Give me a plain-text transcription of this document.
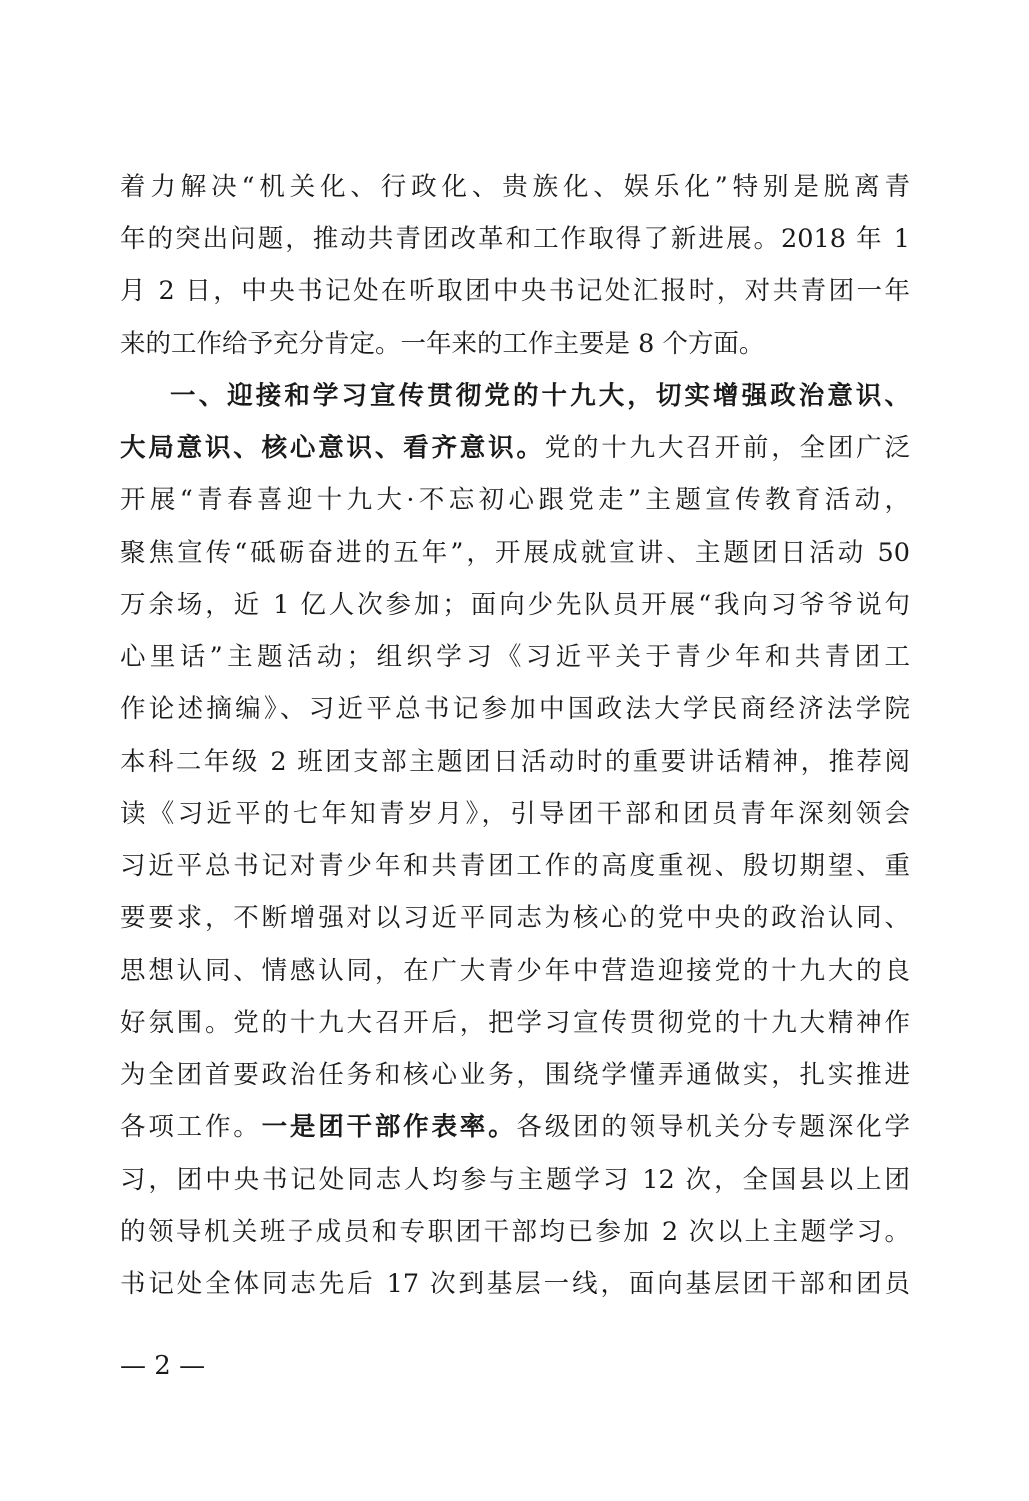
着力解决“机关化、行政化、贵族化、娱乐化”特别是脱离青
年的突出问题，推动共青团改革和工作取得了新进展。2018 年 1
月 2 日，中央书记处在听取团中央书记处汇报时，对共青团一年
来的工作给予充分肯定。一年来的工作主要是 8 个方面。
一、迎接和学习宣传贯彻党的十九大，切实增强政治意识、
大局意识、核心意识、看齐意识。党的十九大召开前，全团广泛
开展“青春喜迎十九大·不忘初心跟党走”主题宣传教育活动，
聚焦宣传“砥砺奋进的五年”，开展成就宣讲、主题团日活动 50
万余场，近 1 亿人次参加；面向少先队员开展“我向习爷爷说句
心里话”主题活动；组织学习《习近平关于青少年和共青团工
作论述摘编》、习近平总书记参加中国政法大学民商经济法学院
本科二年级 2 班团支部主题团日活动时的重要讲话精神，推荐阅
读《习近平的七年知青岁月》，引导团干部和团员青年深刻领会
习近平总书记对青少年和共青团工作的高度重视、殷切期望、重
要要求，不断增强对以习近平同志为核心的党中央的政治认同、
思想认同、情感认同，在广大青少年中营造迎接党的十九大的良
好氛围。党的十九大召开后，把学习宣传贯彻党的十九大精神作
为全团首要政治任务和核心业务，围绕学懂弄通做实，扎实推进
各项工作。一是团干部作表率。各级团的领导机关分专题深化学
习，团中央书记处同志人均参与主题学习 12 次，全国县以上团
的领导机关班子成员和专职团干部均已参加 2 次以上主题学习。
书记处全体同志先后 17 次到基层一线，面向基层团干部和团员
— 2 —
